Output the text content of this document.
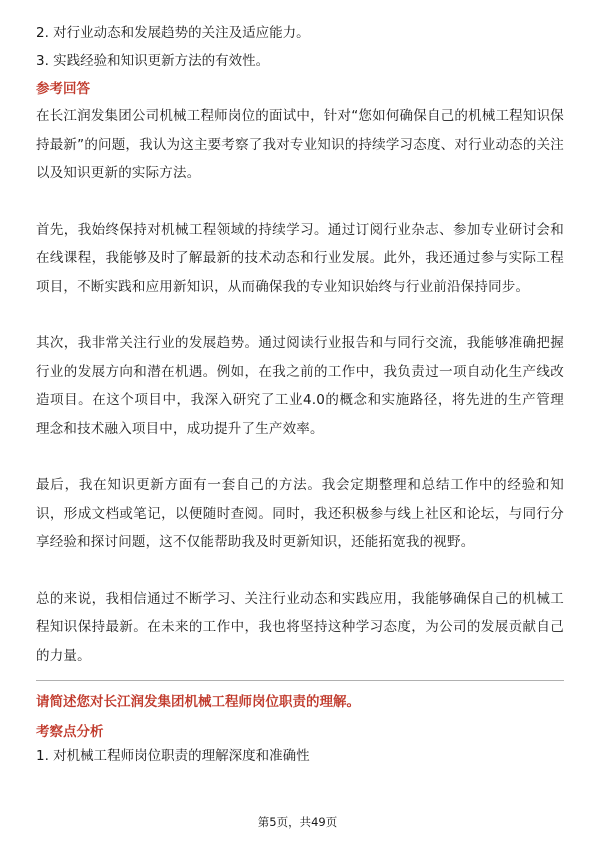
2. 对行业动态和发展趋势的关注及适应能力。
3. 实践经验和知识更新方法的有效性。
参考回答

在长江润发集团公司机械工程师岗位的面试中，针对“您如何确保自己的机械工程知识保持最新”的问题，我认为这主要考察了我对专业知识的持续学习态度、对行业动态的关注以及知识更新的实际方法。

首先，我始终保持对机械工程领域的持续学习。通过订阅行业杂志、参加专业研讨会和在线课程，我能够及时了解最新的技术动态和行业发展。此外，我还通过参与实际工程项目，不断实践和应用新知识，从而确保我的专业知识始终与行业前沿保持同步。

其次，我非常关注行业的发展趋势。通过阅读行业报告和与同行交流，我能够准确把握行业的发展方向和潜在机遇。例如，在我之前的工作中，我负责过一项自动化生产线改造项目。在这个项目中，我深入研究了工业4.0的概念和实施路径，将先进的生产管理理念和技术融入项目中，成功提升了生产效率。

最后，我在知识更新方面有一套自己的方法。我会定期整理和总结工作中的经验和知识，形成文档或笔记，以便随时查阅。同时，我还积极参与线上社区和论坛，与同行分享经验和探讨问题，这不仅能帮助我及时更新知识，还能拓宽我的视野。

总的来说，我相信通过不断学习、关注行业动态和实践应用，我能够确保自己的机械工程知识保持最新。在未来的工作中，我也将坚持这种学习态度，为公司的发展贡献自己的力量。

请简述您对长江润发集团机械工程师岗位职责的理解。
考察点分析
1. 对机械工程师岗位职责的理解深度和准确性
第5页，共49页
